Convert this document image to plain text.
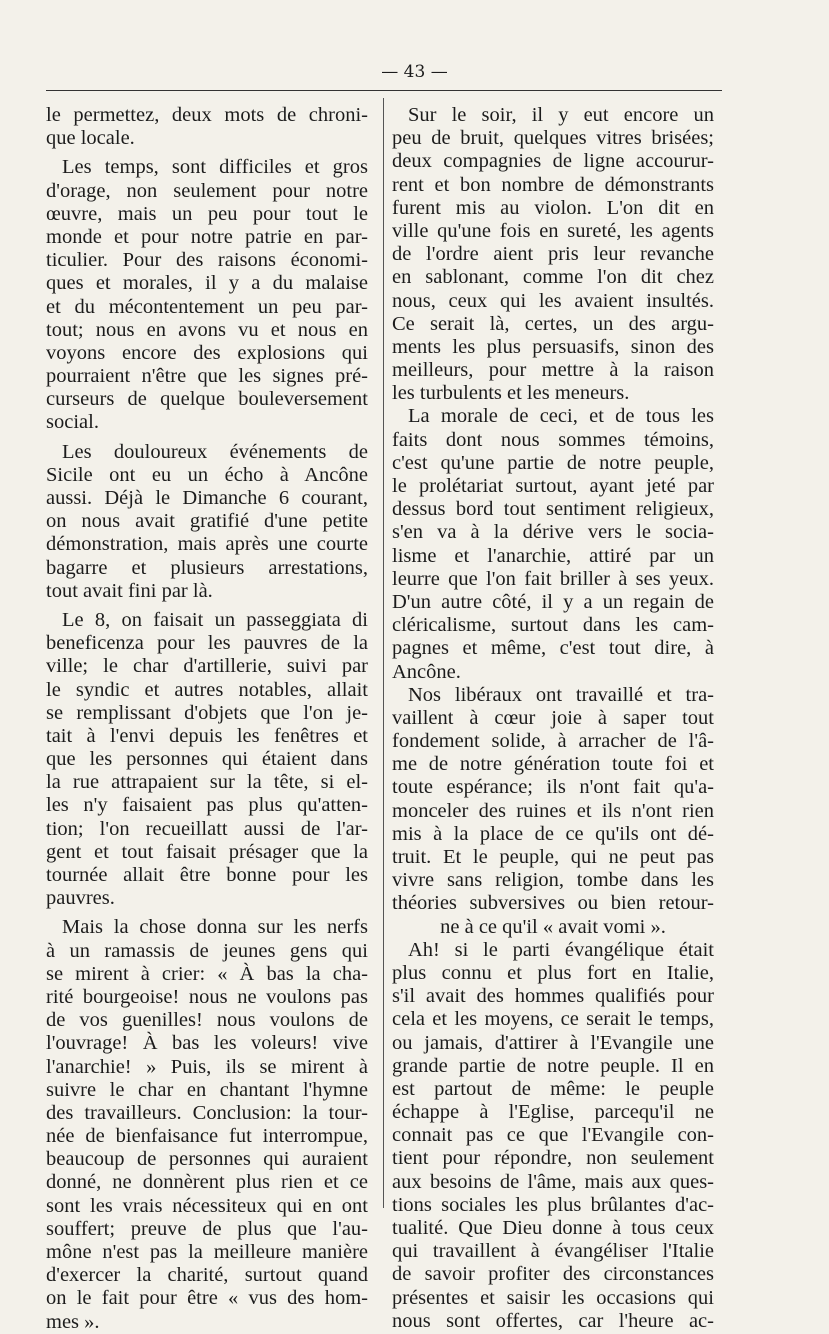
— 43 —
le permettez, deux mots de chroni-
que locale.
Les temps, sont difficiles et gros
d'orage, non seulement pour notre
œuvre, mais un peu pour tout le
monde et pour notre patrie en par-
ticulier. Pour des raisons économi-
ques et morales, il y a du malaise
et du mécontentement un peu par-
tout; nous en avons vu et nous en
voyons encore des explosions qui
pourraient n'être que les signes pré-
curseurs de quelque bouleversement
social.
Les douloureux événements de
Sicile ont eu un écho à Ancône
aussi. Déjà le Dimanche 6 courant,
on nous avait gratifié d'une petite
démonstration, mais après une courte
bagarre et plusieurs arrestations,
tout avait fini par là.
Le 8, on faisait un passeggiata di
beneficenza pour les pauvres de la
ville; le char d'artillerie, suivi par
le syndic et autres notables, allait
se remplissant d'objets que l'on je-
tait à l'envi depuis les fenêtres et
que les personnes qui étaient dans
la rue attrapaient sur la tête, si el-
les n'y faisaient pas plus qu'atten-
tion; l'on recueillatt aussi de l'ar-
gent et tout faisait présager que la
tournée allait être bonne pour les
pauvres.
Mais la chose donna sur les nerfs
à un ramassis de jeunes gens qui
se mirent à crier: « À bas la cha-
rité bourgeoise! nous ne voulons pas
de vos guenilles! nous voulons de
l'ouvrage! À bas les voleurs! vive
l'anarchie! » Puis, ils se mirent à
suivre le char en chantant l'hymne
des travailleurs. Conclusion: la tour-
née de bienfaisance fut interrompue,
beaucoup de personnes qui auraient
donné, ne donnèrent plus rien et ce
sont les vrais nécessiteux qui en ont
souffert; preuve de plus que l'au-
mône n'est pas la meilleure manière
d'exercer la charité, surtout quand
on le fait pour être « vus des hom-
mes ».
Sur le soir, il y eut encore un
peu de bruit, quelques vitres brisées;
deux compagnies de ligne accourur-
rent et bon nombre de démonstrants
furent mis au violon. L'on dit en
ville qu'une fois en sureté, les agents
de l'ordre aient pris leur revanche
en sablonant, comme l'on dit chez
nous, ceux qui les avaient insultés.
Ce serait là, certes, un des argu-
ments les plus persuasifs, sinon des
meilleurs, pour mettre à la raison
les turbulents et les meneurs.
La morale de ceci, et de tous les
faits dont nous sommes témoins,
c'est qu'une partie de notre peuple,
le prolétariat surtout, ayant jeté par
dessus bord tout sentiment religieux,
s'en va à la dérive vers le socia-
lisme et l'anarchie, attiré par un
leurre que l'on fait briller à ses yeux.
D'un autre côté, il y a un regain de
cléricalisme, surtout dans les cam-
pagnes et même, c'est tout dire, à
Ancône.
Nos libéraux ont travaillé et tra-
vaillent à cœur joie à saper tout
fondement solide, à arracher de l'â-
me de notre génération toute foi et
toute espérance; ils n'ont fait qu'a-
monceler des ruines et ils n'ont rien
mis à la place de ce qu'ils ont dé-
truit. Et le peuple, qui ne peut pas
vivre sans religion, tombe dans les
théories subversives ou bien retour-
ne à ce qu'il « avait vomi ».
Ah! si le parti évangélique était
plus connu et plus fort en Italie,
s'il avait des hommes qualifiés pour
cela et les moyens, ce serait le temps,
ou jamais, d'attirer à l'Evangile une
grande partie de notre peuple. Il en
est partout de même: le peuple
échappe à l'Eglise, parcequ'il ne
connait pas ce que l'Evangile con-
tient pour répondre, non seulement
aux besoins de l'âme, mais aux ques-
tions sociales les plus brûlantes d'ac-
tualité. Que Dieu donne à tous ceux
qui travaillent à évangéliser l'Italie
de savoir profiter des circonstances
présentes et saisir les occasions qui
nous sont offertes, car l'heure ac-
